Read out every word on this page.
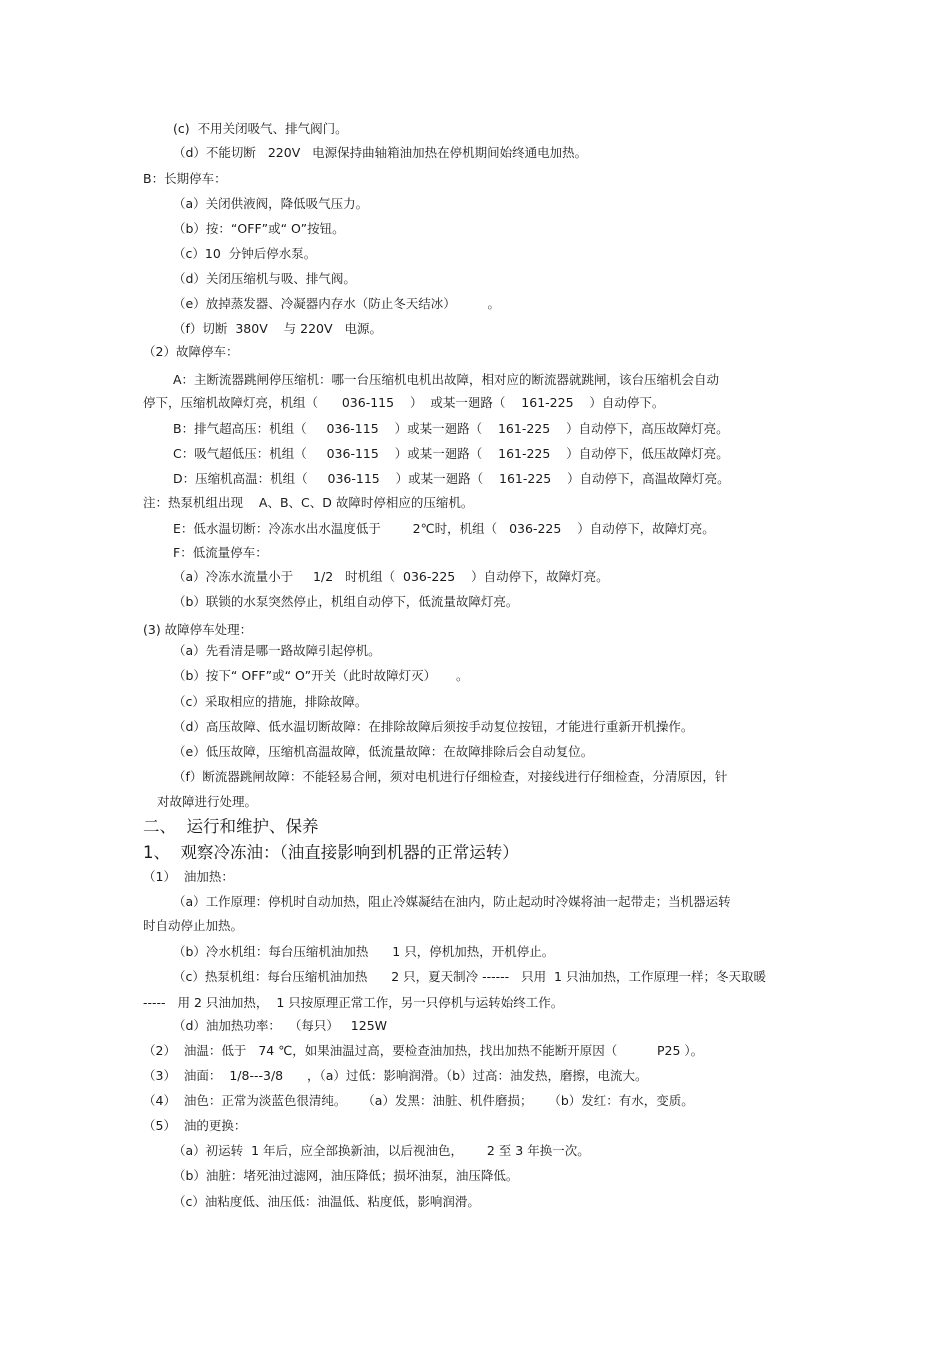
(c)  不用关闭吸气、排气阀门。
（d）不能切断   220V   电源保持曲轴箱油加热在停机期间始终通电加热。
B：长期停车：
（a）关闭供液阀，降低吸气压力。
（b）按：“OFF”或“ O”按钮。
（c）10  分钟后停水泵。
（d）关闭压缩机与吸、排气阀。
（e）放掉蒸发器、冷凝器内存水（防止冬天结冰）        。
（f）切断  380V    与 220V   电源。
（2）故障停车：
A：主断流器跳闸停压缩机：哪一台压缩机电机出故障，相对应的断流器就跳闸，该台压缩机会自动
停下，压缩机故障灯亮，机组（      036-115    ）  或某一廻路（    161-225    ）自动停下。
B：排气超高压：机组（     036-115    ）或某一廻路（    161-225    ）自动停下，高压故障灯亮。
C：吸气超低压：机组（     036-115    ）或某一廻路（    161-225    ）自动停下，低压故障灯亮。
D：压缩机高温：机组（     036-115    ）或某一廻路（    161-225    ）自动停下，高温故障灯亮。
注：热泵机组出现    A、B、C、D 故障时停相应的压缩机。
E：低水温切断：冷冻水出水温度低于        2℃时，机组（   036-225    ）自动停下，故障灯亮。
F：低流量停车：
（a）冷冻水流量小于     1/2   时机组（  036-225    ）自动停下，故障灯亮。
（b）联锁的水泵突然停止，机组自动停下，低流量故障灯亮。
(3) 故障停车处理：
（a）先看清是哪一路故障引起停机。
（b）按下“ OFF”或“ O”开关（此时故障灯灭）     。
（c）采取相应的措施，排除故障。
（d）高压故障、低水温切断故障：在排除故障后须按手动复位按钮，才能进行重新开机操作。
（e）低压故障，压缩机高温故障，低流量故障：在故障排除后会自动复位。
（f）断流器跳闸故障：不能轻易合闸，须对电机进行仔细检查，对接线进行仔细检查，分清原因，针
对故障进行处理。
二、  运行和维护、保养
1、  观察冷冻油：（油直接影响到机器的正常运转）
（1）  油加热：
（a）工作原理：停机时自动加热，阻止冷媒凝结在油内，防止起动时冷媒将油一起带走；当机器运转
时自动停止加热。
（b）冷水机组：每台压缩机油加热      1 只，停机加热，开机停止。
（c）热泵机组：每台压缩机油加热      2 只，夏天制冷 ------   只用  1 只油加热，工作原理一样；冬天取暖
-----   用 2 只油加热，  1 只按原理正常工作，另一只停机与运转始终工作。
（d）油加热功率：  （每只）   125W
（2）  油温：低于   74 ℃，如果油温过高，要检查油加热，找出加热不能断开原因（          P25 ）。
（3）  油面：  1/8---3/8      ，（a）过低：影响润滑。（b）过高：油发热，磨擦，电流大。
（4）  油色：正常为淡蓝色很清纯。    （a）发黑：油脏、机件磨损；    （b）发红：有水，变质。
（5）  油的更换：
（a）初运转  1 年后，应全部换新油，以后视油色，      2 至 3 年换一次。
（b）油脏：堵死油过滤网，油压降低；损坏油泵，油压降低。
（c）油粘度低、油压低：油温低、粘度低，影响润滑。
